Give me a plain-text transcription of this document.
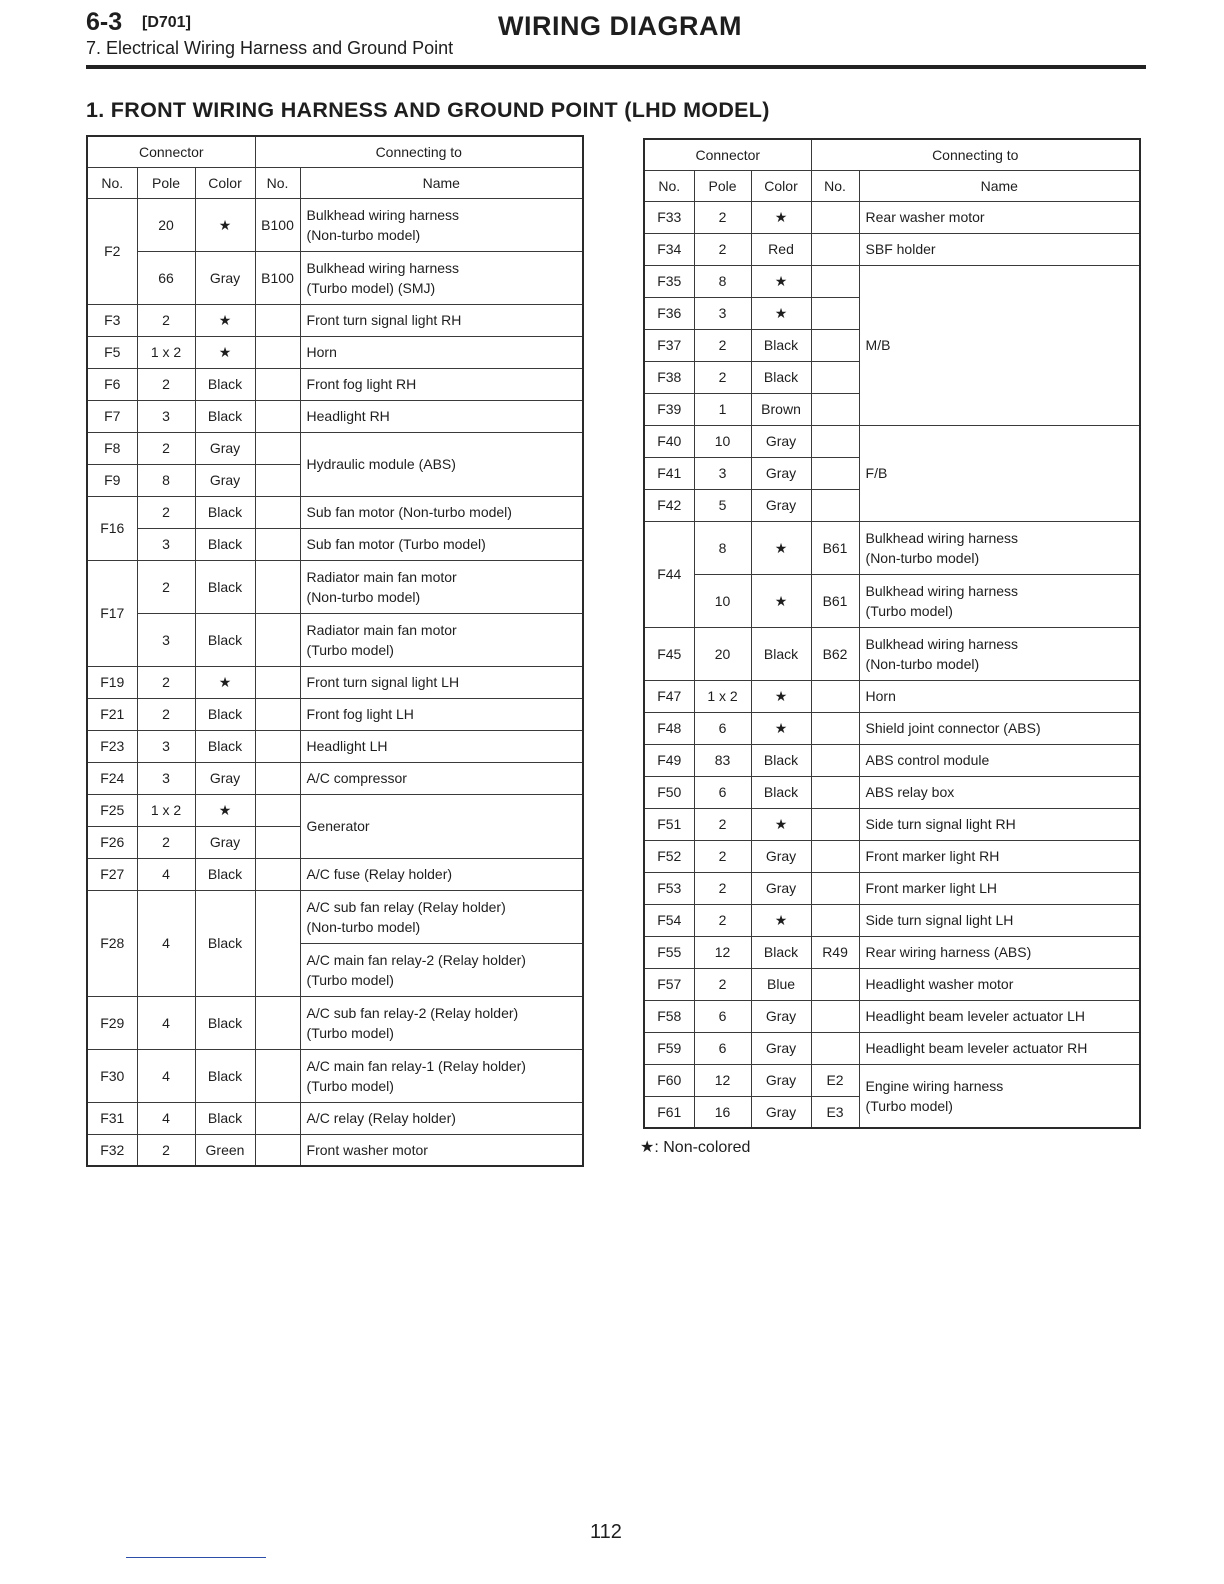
6-3 [D701]	WIRING DIAGRAM
7. Electrical Wiring Harness and Ground Point
1. FRONT WIRING HARNESS AND GROUND POINT (LHD MODEL)
Connector			Connecting to	
No.	Pole	Color	No.	Name
F2	20	★	B100	Bulkhead wiring harness
(Non-turbo model)
	66	Gray	B100	Bulkhead wiring harness
(Turbo model) (SMJ)
F3	2	★		Front turn signal light RH
F5	1 x 2	★		Horn
F6	2	Black		Front fog light RH
F7	3	Black		Headlight RH
F8	2	Gray		Hydraulic module (ABS)
F9	8	Gray		
F16	2	Black		Sub fan motor (Non-turbo model)
	3	Black		Sub fan motor (Turbo model)
F17	2	Black		Radiator main fan motor
(Non-turbo model)
	3	Black		Radiator main fan motor
(Turbo model)
F19	2	★		Front turn signal light LH
F21	2	Black		Front fog light LH
F23	3	Black		Headlight LH
F24	3	Gray		A/C compressor
F25	1 x 2	★		Generator
F26	2	Gray		
F27	4	Black		A/C fuse (Relay holder)
F28	4	Black		A/C sub fan relay (Relay holder)
(Non-turbo model)
				A/C main fan relay-2 (Relay holder)
(Turbo model)
F29	4	Black		A/C sub fan relay-2 (Relay holder)
(Turbo model)
F30	4	Black		A/C main fan relay-1 (Relay holder)
(Turbo model)
F31	4	Black		A/C relay (Relay holder)
F32	2	Green		Front washer motor
Connector			Connecting to	
No.	Pole	Color	No.	Name
F33	2	★		Rear washer motor
F34	2	Red		SBF holder
F35	8	★		M/B
F36	3	★		
F37	2	Black		
F38	2	Black		
F39	1	Brown		
F40	10	Gray		F/B
F41	3	Gray		
F42	5	Gray		
F44	8	★	B61	Bulkhead wiring harness
(Non-turbo model)
	10	★	B61	Bulkhead wiring harness
(Turbo model)
F45	20	Black	B62	Bulkhead wiring harness
(Non-turbo model)
F47	1 x 2	★		Horn
F48	6	★		Shield joint connector (ABS)
F49	83	Black		ABS control module
F50	6	Black		ABS relay box
F51	2	★		Side turn signal light RH
F52	2	Gray		Front marker light RH
F53	2	Gray		Front marker light LH
F54	2	★		Side turn signal light LH
F55	12	Black	R49	Rear wiring harness (ABS)
F57	2	Blue		Headlight washer motor
F58	6	Gray		Headlight beam leveler actuator LH
F59	6	Gray		Headlight beam leveler actuator RH
F60	12	Gray	E2	Engine wiring harness
(Turbo model)
F61	16	Gray	E3	
★: Non-colored
112
